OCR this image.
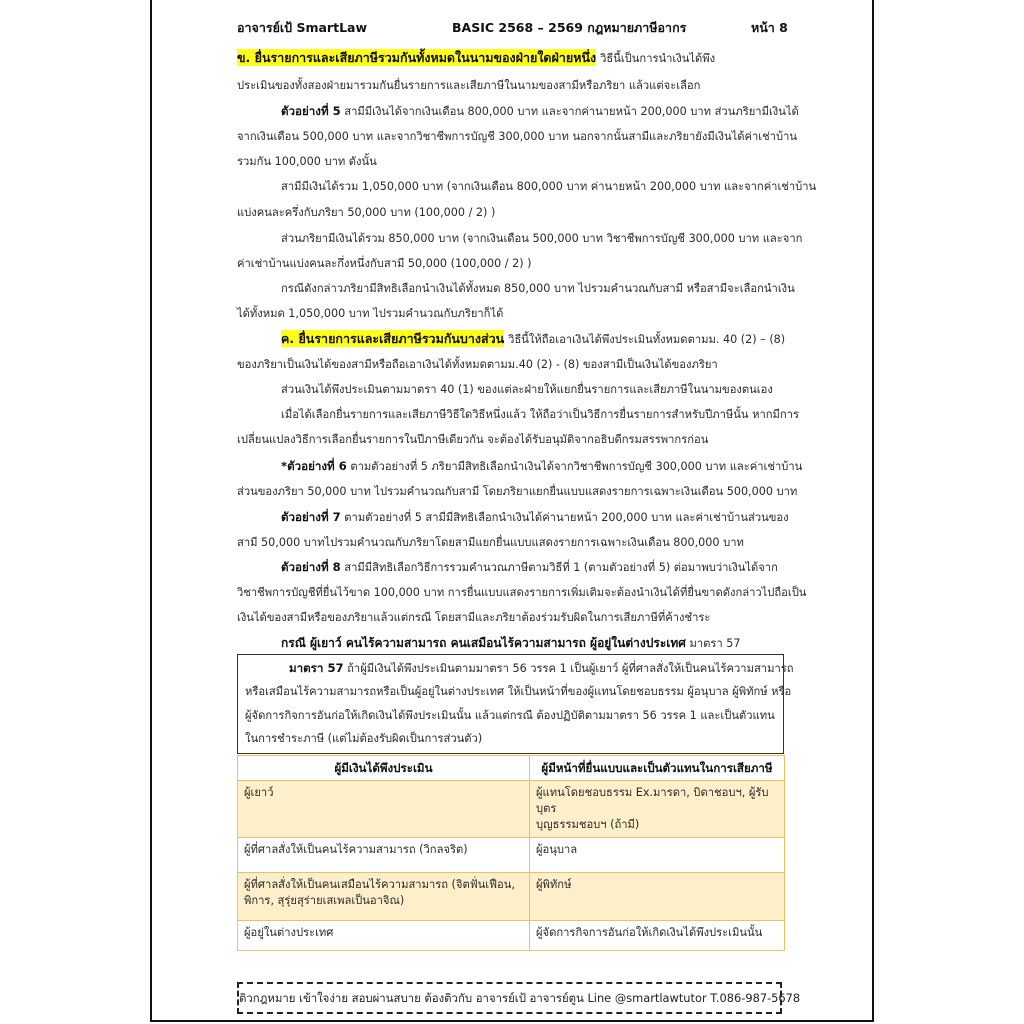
อาจารย์เป้ SmartLaw	BASIC 2568 – 2569 กฎหมายภาษีอากร	หน้า 8
ข. ยื่นรายการและเสียภาษีรวมกันทั้งหมดในนามของฝ่ายใดฝ่ายหนึ่ง วิธีนี้เป็นการนำเงินได้พึง
ประเมินของทั้งสองฝ่ายมารวมกันยื่นรายการและเสียภาษีในนามของสามีหรือภริยา แล้วแต่จะเลือก
ตัวอย่างที่ 5 สามีมีเงินได้จากเงินเดือน 800,000 บาท และจากค่านายหน้า 200,000 บาท ส่วนภริยามีเงินได้
จากเงินเดือน 500,000 บาท และจากวิชาชีพการบัญชี 300,000 บาท นอกจากนั้นสามีและภริยายังมีเงินได้ค่าเช่าบ้าน
รวมกัน 100,000 บาท ดังนั้น
สามีมีเงินได้รวม 1,050,000 บาท (จากเงินเดือน 800,000 บาท ค่านายหน้า 200,000 บาท และจากค่าเช่าบ้าน
แบ่งคนละครึ่งกับภริยา 50,000 บาท (100,000 / 2) )
ส่วนภริยามีเงินได้รวม 850,000 บาท (จากเงินเดือน 500,000 บาท วิชาชีพการบัญชี 300,000 บาท และจาก
ค่าเช่าบ้านแบ่งคนละกึ่งหนึ่งกับสามี 50,000 (100,000 / 2) )
กรณีดังกล่าวภริยามีสิทธิเลือกนำเงินได้ทั้งหมด 850,000 บาท ไปรวมคำนวณกับสามี หรือสามีจะเลือกนำเงิน
ได้ทั้งหมด 1,050,000 บาท ไปรวมคำนวณกับภริยาก็ได้
ค. ยื่นรายการและเสียภาษีรวมกันบางส่วน วิธีนี้ให้ถือเอาเงินได้พึงประเมินทั้งหมดตามม. 40 (2) – (8)
ของภริยาเป็นเงินได้ของสามีหรือถือเอาเงินได้ทั้งหมดตามม.40 (2) - (8) ของสามีเป็นเงินได้ของภริยา
ส่วนเงินได้พึงประเมินตามมาตรา 40 (1) ของแต่ละฝ่ายให้แยกยื่นรายการและเสียภาษีในนามของตนเอง
เมื่อได้เลือกยื่นรายการและเสียภาษีวิธีใดวิธีหนึ่งแล้ว ให้ถือว่าเป็นวิธีการยื่นรายการสำหรับปีภาษีนั้น หากมีการ
เปลี่ยนแปลงวิธีการเลือกยื่นรายการในปีภาษีเดียวกัน จะต้องได้รับอนุมัติจากอธิบดีกรมสรรพากรก่อน
*ตัวอย่างที่ 6 ตามตัวอย่างที่ 5 ภริยามีสิทธิเลือกนำเงินได้จากวิชาชีพการบัญชี 300,000 บาท และค่าเช่าบ้าน
ส่วนของภริยา 50,000 บาท ไปรวมคำนวณกับสามี โดยภริยาแยกยื่นแบบแสดงรายการเฉพาะเงินเดือน 500,000 บาท
ตัวอย่างที่ 7 ตามตัวอย่างที่ 5 สามีมีสิทธิเลือกนำเงินได้ค่านายหน้า 200,000 บาท และค่าเช่าบ้านส่วนของ
สามี 50,000 บาทไปรวมคำนวณกับภริยาโดยสามีแยกยื่นแบบแสดงรายการเฉพาะเงินเดือน 800,000 บาท
ตัวอย่างที่ 8 สามีมีสิทธิเลือกวิธีการรวมคำนวณภาษีตามวิธีที่ 1 (ตามตัวอย่างที่ 5) ต่อมาพบว่าเงินได้จาก
วิชาชีพการบัญชีที่ยื่นไว้ขาด 100,000 บาท การยื่นแบบแสดงรายการเพิ่มเติมจะต้องนำเงินได้ที่ยื่นขาดดังกล่าวไปถือเป็น
เงินได้ของสามีหรือของภริยาแล้วแต่กรณี โดยสามีและภริยาต้องร่วมรับผิดในการเสียภาษีที่ค้างชำระ
กรณี ผู้เยาว์ คนไร้ความสามารถ คนเสมือนไร้ความสามารถ ผู้อยู่ในต่างประเทศ มาตรา 57
มาตรา 57 ถ้าผู้มีเงินได้พึงประเมินตามมาตรา 56 วรรค 1 เป็นผู้เยาว์ ผู้ที่ศาลสั่งให้เป็นคนไร้ความสามารถ
หรือเสมือนไร้ความสามารถหรือเป็นผู้อยู่ในต่างประเทศ ให้เป็นหน้าที่ของผู้แทนโดยชอบธรรม ผู้อนุบาล ผู้พิทักษ์ หรือ
ผู้จัดการกิจการอันก่อให้เกิดเงินได้พึงประเมินนั้น แล้วแต่กรณี ต้องปฏิบัติตามมาตรา 56 วรรค 1 และเป็นตัวแทน
ในการชำระภาษี (แต่ไม่ต้องรับผิดเป็นการส่วนตัว)
ผู้มีเงินได้พึงประเมิน	ผู้มีหน้าที่ยื่นแบบและเป็นตัวแทนในการเสียภาษี

ผู้เยาว์	ผู้แทนโดยชอบธรรม Ex.มารดา, บิดาชอบฯ, ผู้รับบุตร
บุญธรรมชอบฯ (ถ้ามี)

ผู้ที่ศาลสั่งให้เป็นคนไร้ความสามารถ (วิกลจริต)	ผู้อนุบาล

ผู้ที่ศาลสั่งให้เป็นคนเสมือนไร้ความสามารถ (จิตฟั่นเฟือน,
พิการ, สุรุ่ยสุร่ายเสเพลเป็นอาจิณ)	ผู้พิทักษ์

ผู้อยู่ในต่างประเทศ	ผู้จัดการกิจการอันก่อให้เกิดเงินได้พึงประเมินนั้น
ติวกฎหมาย เข้าใจง่าย สอบผ่านสบาย ต้องติวกับ อาจารย์เป้ อาจารย์ตูน Line @smartlawtutor T.086-987-5678
